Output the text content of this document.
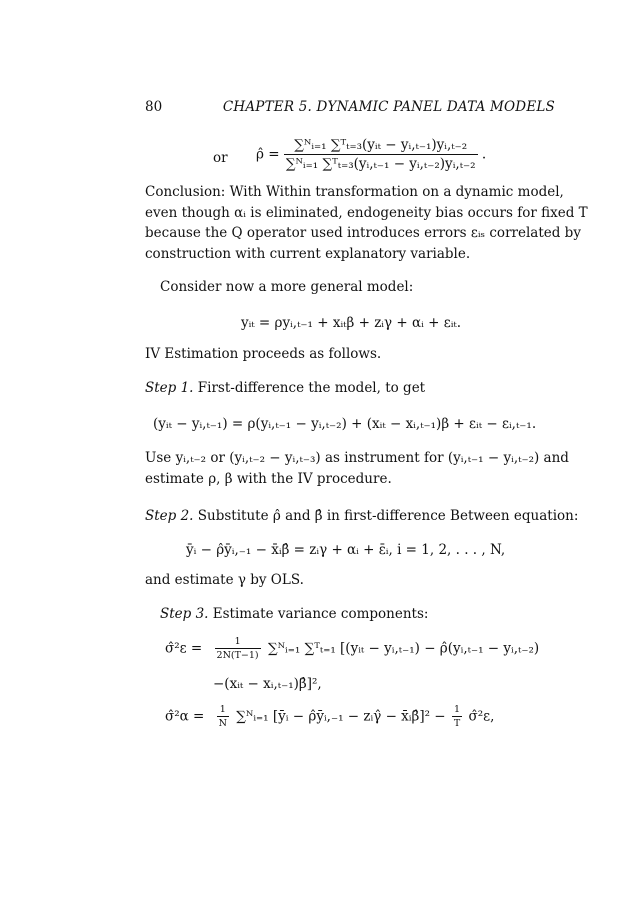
80	CHAPTER 5. DYNAMIC PANEL DATA MODELS
or ρ̂ = $\frac{\text{∑ᴺᵢ₌₁ ∑ᵀₜ₌₃(yᵢₜ − yᵢ,ₜ₋₁)yᵢ,ₜ₋₂}}{\text{∑ᴺᵢ₌₁ ∑ᵀₜ₌₃(yᵢ,ₜ₋₁ − yᵢ,ₜ₋₂)yᵢ,ₜ₋₂}}$ .
Conclusion: With Within transformation on a dynamic model,
even though αᵢ is eliminated, endogeneity bias occurs for fixed T
because the Q operator used introduces errors εᵢₛ correlated by
construction with current explanatory variable.
Consider now a more general model:
yᵢₜ = ρyᵢ,ₜ₋₁ + xᵢₜβ + zᵢγ + αᵢ + εᵢₜ.
IV Estimation proceeds as follows.
Step 1. First-difference the model, to get
(yᵢₜ − yᵢ,ₜ₋₁) = ρ(yᵢ,ₜ₋₁ − yᵢ,ₜ₋₂) + (xᵢₜ − xᵢ,ₜ₋₁)β + εᵢₜ − εᵢ,ₜ₋₁.
Use yᵢ,ₜ₋₂ or (yᵢ,ₜ₋₂ − yᵢ,ₜ₋₃) as instrument for (yᵢ,ₜ₋₁ − yᵢ,ₜ₋₂) and
estimate ρ, β with the IV procedure.
Step 2. Substitute ρ̂ and β̂ in first-difference Between equation:
ȳᵢ − ρ̂ȳᵢ,₋₁ − x̄ᵢβ̂ = zᵢγ + αᵢ + ε̄ᵢ, i = 1, 2, . . . , N,
and estimate γ by OLS.
Step 3. Estimate variance components:
σ̂²ε = $\frac{1}{2N(T-1)}$ ∑ᴺᵢ₌₁ ∑ᵀₜ₌₁ [(yᵢₜ − yᵢ,ₜ₋₁) − ρ̂(yᵢ,ₜ₋₁ − yᵢ,ₜ₋₂)
−(xᵢₜ − xᵢ,ₜ₋₁)β̂]²,
σ̂²α = $\frac{1}{N}$ ∑ᴺᵢ₌₁ [ȳᵢ − ρ̂ȳᵢ,₋₁ − zᵢγ̂ − x̄ᵢβ̂]² − $\frac{1}{T}$ σ̂²ε,
